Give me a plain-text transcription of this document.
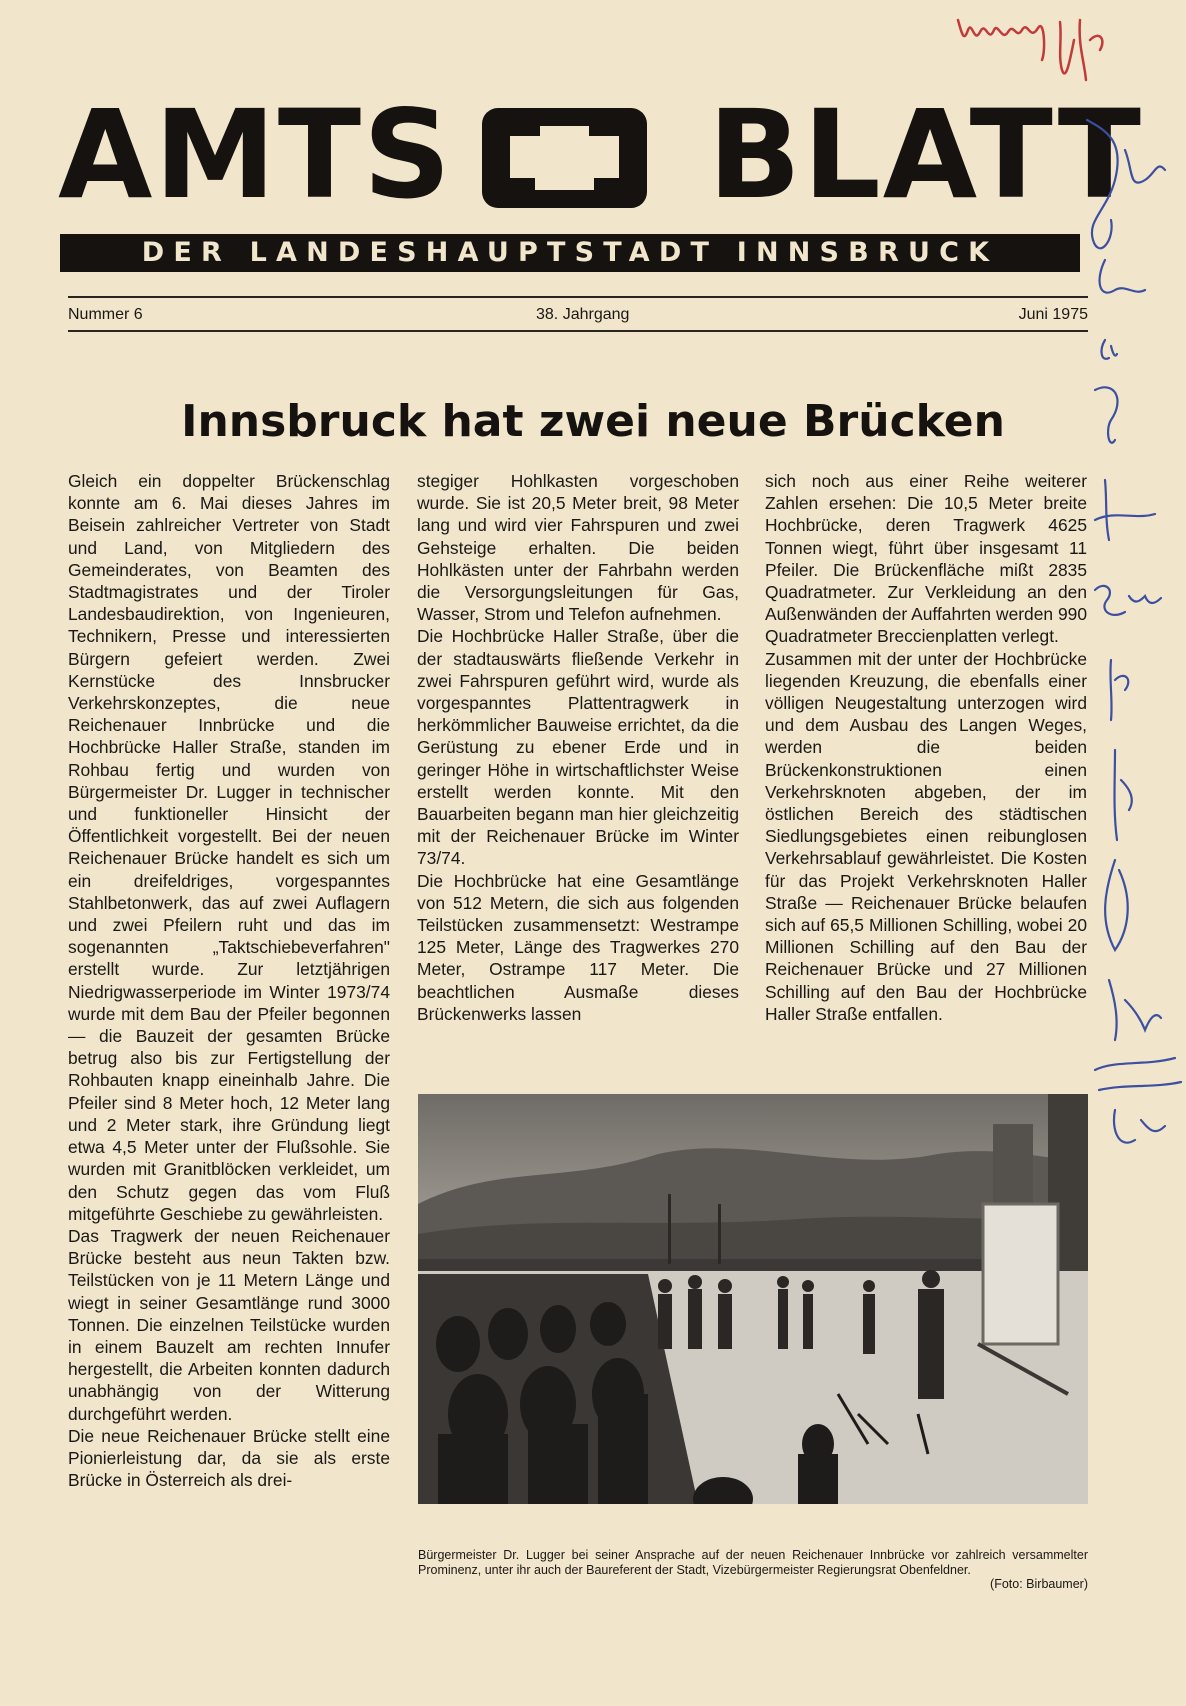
AMTS BLATT
DER LANDESHAUPTSTADT INNSBRUCK
Nummer 6	38. Jahrgang	Juni 1975
Innsbruck hat zwei neue Brücken

Gleich ein doppelter Brückenschlag konnte am 6. Mai dieses Jahres im Beisein zahlreicher Vertreter von Stadt und Land, von Mitgliedern des Gemeinderates, von Beamten des Stadtmagistrates und der Tiroler Landesbaudirektion, von Ingenieuren, Technikern, Presse und interessierten Bürgern gefeiert werden. Zwei Kernstücke des Innsbrucker Verkehrskonzeptes, die neue Reichenauer Innbrücke und die Hochbrücke Haller Straße, standen im Rohbau fertig und wurden von Bürgermeister Dr. Lugger in technischer und funktioneller Hinsicht der Öffentlichkeit vorgestellt. Bei der neuen Reichenauer Brücke handelt es sich um ein dreifeldriges, vorgespanntes Stahlbetonwerk, das auf zwei Auflagern und zwei Pfeilern ruht und das im sogenannten „Taktschiebeverfahren" erstellt wurde. Zur letztjährigen Niedrigwasserperiode im Winter 1973/74 wurde mit dem Bau der Pfeiler begonnen — die Bauzeit der gesamten Brücke betrug also bis zur Fertigstellung der Rohbauten knapp eineinhalb Jahre. Die Pfeiler sind 8 Meter hoch, 12 Meter lang und 2 Meter stark, ihre Gründung liegt etwa 4,5 Meter unter der Flußsohle. Sie wurden mit Granitblöcken verkleidet, um den Schutz gegen das vom Fluß mitgeführte Geschiebe zu gewährleisten.

Das Tragwerk der neuen Reichenauer Brücke besteht aus neun Takten bzw. Teilstücken von je 11 Metern Länge und wiegt in seiner Gesamtlänge rund 3000 Tonnen. Die einzelnen Teilstücke wurden in einem Bauzelt am rechten Innufer hergestellt, die Arbeiten konnten dadurch unabhängig von der Witterung durchgeführt werden.

Die neue Reichenauer Brücke stellt eine Pionierleistung dar, da sie als erste Brücke in Österreich als drei-

stegiger Hohlkasten vorgeschoben wurde. Sie ist 20,5 Meter breit, 98 Meter lang und wird vier Fahrspuren und zwei Gehsteige erhalten. Die beiden Hohlkästen unter der Fahrbahn werden die Versorgungsleitungen für Gas, Wasser, Strom und Telefon aufnehmen.

Die Hochbrücke Haller Straße, über die der stadtauswärts fließende Verkehr in zwei Fahrspuren geführt wird, wurde als vorgespanntes Plattentragwerk in herkömmlicher Bauweise errichtet, da die Gerüstung zu ebener Erde und in geringer Höhe in wirtschaftlichster Weise erstellt werden konnte. Mit den Bauarbeiten begann man hier gleichzeitig mit der Reichenauer Brücke im Winter 73/74.

Die Hochbrücke hat eine Gesamtlänge von 512 Metern, die sich aus folgenden Teilstücken zusammensetzt: Westrampe 125 Meter, Länge des Tragwerkes 270 Meter, Ostrampe 117 Meter. Die beachtlichen Ausmaße dieses Brückenwerks lassen

sich noch aus einer Reihe weiterer Zahlen ersehen: Die 10,5 Meter breite Hochbrücke, deren Tragwerk 4625 Tonnen wiegt, führt über insgesamt 11 Pfeiler. Die Brückenfläche mißt 2835 Quadratmeter. Zur Verkleidung an den Außenwänden der Auffahrten werden 990 Quadratmeter Breccienplatten verlegt.

Zusammen mit der unter der Hochbrücke liegenden Kreuzung, die ebenfalls einer völligen Neugestaltung unterzogen wird und dem Ausbau des Langen Weges, werden die beiden Brückenkonstruktionen einen Verkehrsknoten abgeben, der im östlichen Bereich des städtischen Siedlungsgebietes einen reibunglosen Verkehrsablauf gewährleistet. Die Kosten für das Projekt Verkehrsknoten Haller Straße — Reichenauer Brücke belaufen sich auf 65,5 Millionen Schilling, wobei 20 Millionen Schilling auf den Bau der Reichenauer Brücke und 27 Millionen Schilling auf den Bau der Hochbrücke Haller Straße entfallen.

Bürgermeister Dr. Lugger bei seiner Ansprache auf der neuen Reichenauer Innbrücke vor zahlreich versammelter Prominenz, unter ihr auch der Baureferent der Stadt, Vizebürgermeister Regierungsrat Obenfeldner.
(Foto: Birbaumer)
